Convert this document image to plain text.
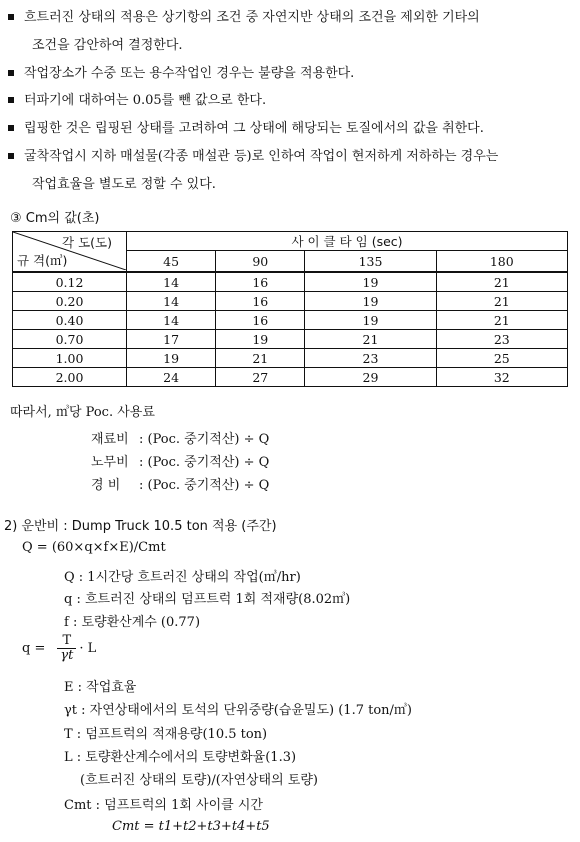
흐트러진 상태의 적용은 상기항의 조건 중 자연지반 상태의 조건을 제외한 기타의
조건을 감안하여 결정한다.
작업장소가 수중 또는 용수작업인 경우는 불량을 적용한다.
터파기에 대하여는 0.05를 뺀 값으로 한다.
립핑한 것은 립핑된 상태를 고려하여 그 상태에 해당되는 토질에서의 값을 취한다.
굴착작업시 지하 매설물(각종 매설관 등)로 인하여 작업이 현저하게 저하하는 경우는
작업효율을 별도로 정할 수 있다.
③ Cm의 값(초)
각 도(도)
규 격(㎥)	사 이 클 타 임 (sec)			
	45	90	135	180
0.12	14	16	19	21
0.20	14	16	19	21
0.40	14	16	19	21
0.70	17	19	21	23
1.00	19	21	23	25
2.00	24	27	29	32
따라서, ㎥당 Poc. 사용료
재료비 : (Poc. 중기적산) ÷ Q
노무비 : (Poc. 중기적산) ÷ Q
경 비 : (Poc. 중기적산) ÷ Q
2) 운반비 : Dump Truck 10.5 ton 적용 (주간)
Q = (60×q×f×E)/Cmt
Q : 1시간당 흐트러진 상태의 작업(㎥/hr)
q : 흐트러진 상태의 덤프트럭 1회 적재량(8.02㎥)
f : 토량환산계수 (0.77)
$q = \frac{T}{\gamma t} \cdot L$
E : 작업효율
γt : 자연상태에서의 토석의 단위중량(습윤밀도) (1.7 ton/㎥)
T : 덤프트럭의 적재용량(10.5 ton)
L : 토량환산계수에서의 토량변화율(1.3)
(흐트러진 상태의 토량)/(자연상태의 토량)
Cmt : 덤프트럭의 1회 사이클 시간
Cmt = t1+t2+t3+t4+t5
